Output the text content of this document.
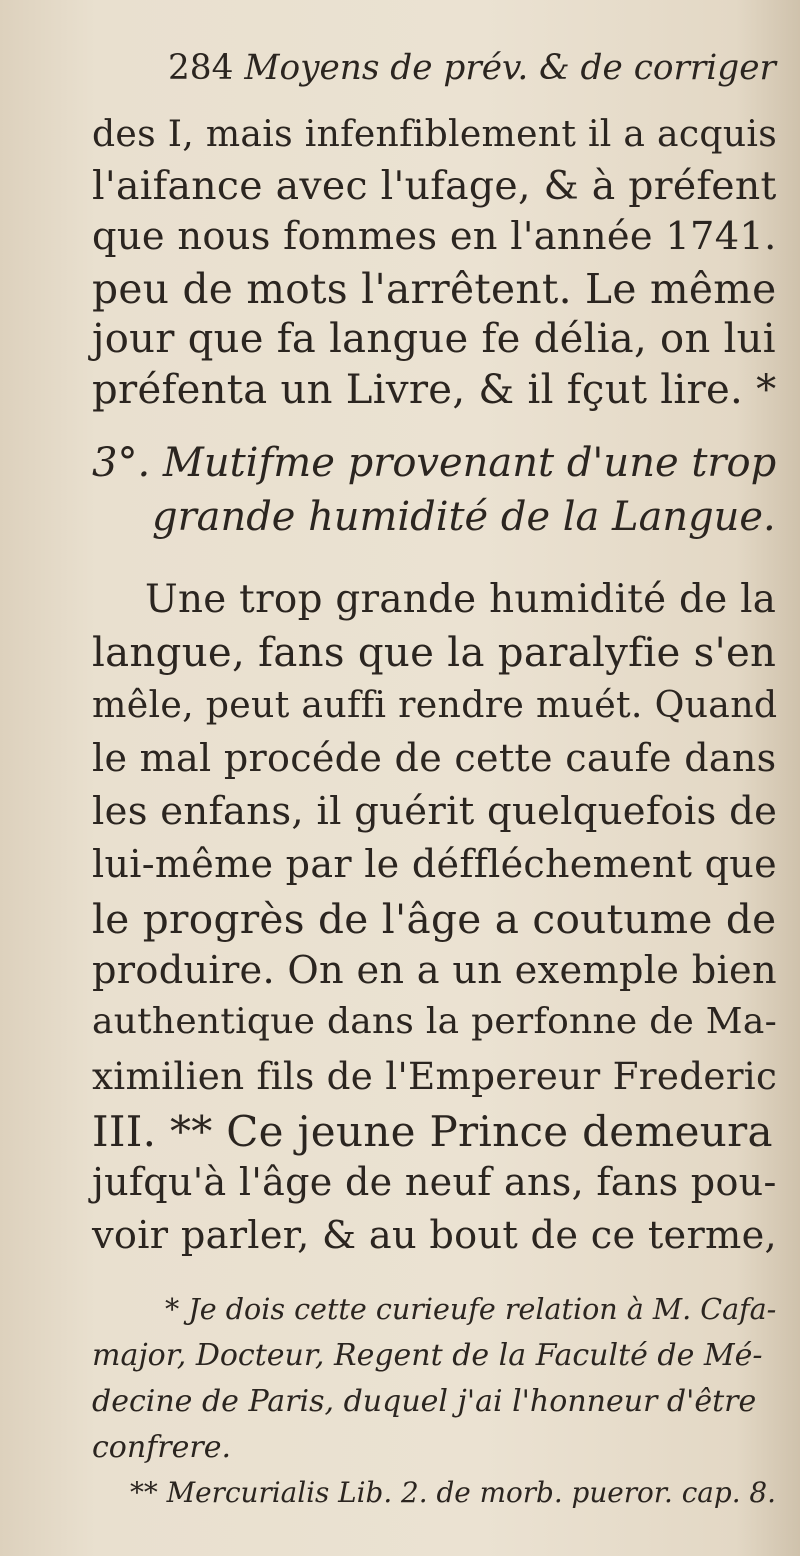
284 Moyens de prév. & de corriger
des I, mais infenfiblement il a acquis
l'aifance avec l'ufage, & à préfent
que nous fommes en l'année 1741.
peu de mots l'arrêtent. Le même
jour que fa langue fe délia, on lui
préfenta un Livre, & il fçut lire. *
3°. Mutifme provenant d'une trop
grande humidité de la Langue.
Une trop grande humidité de la
langue, fans que la paralyfie s'en
mêle, peut auffi rendre muét. Quand
le mal procéde de cette caufe dans
les enfans, il guérit quelquefois de
lui-même par le déffléchement que
le progrès de l'âge a coutume de
produire. On en a un exemple bien
authentique dans la perfonne de Ma-
ximilien fils de l'Empereur Frederic
III. ** Ce jeune Prince demeura
jufqu'à l'âge de neuf ans, fans pou-
voir parler, & au bout de ce terme,
* Je dois cette curieufe relation à M. Cafa-
major, Docteur, Regent de la Faculté de Mé-
decine de Paris, duquel j'ai l'honneur d'être
confrere.
** Mercurialis Lib. 2. de morb. pueror. cap. 8.
